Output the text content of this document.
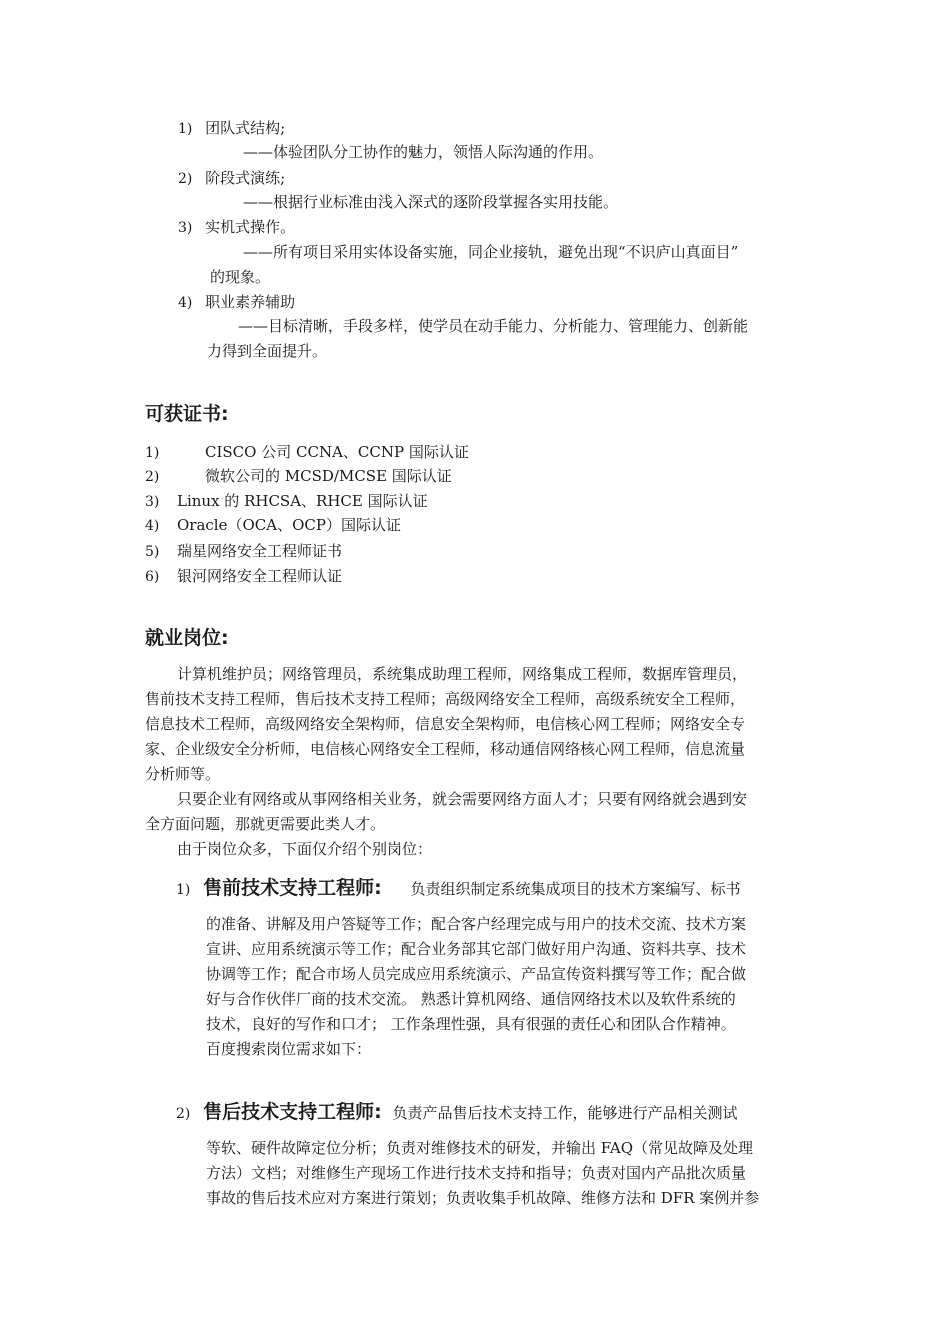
1) 团队式结构;
——体验团队分工协作的魅力，领悟人际沟通的作用。
2) 阶段式演练;
——根据行业标准由浅入深式的逐阶段掌握各实用技能。
3) 实机式操作。
——所有项目采用实体设备实施，同企业接轨，避免出现“不识庐山真面目”
的现象。
4) 职业素养辅助
——目标清晰，手段多样，使学员在动手能力、分析能力、管理能力、创新能
力得到全面提升。
可获证书:
1)	CISCO 公司 CCNA、CCNP 国际认证
2)	微软公司的 MCSD/MCSE 国际认证
3) Linux 的 RHCSA、RHCE 国际认证
4) Oracle（OCA、OCP）国际认证
5) 瑞星网络安全工程师证书
6) 银河网络安全工程师认证
就业岗位:
计算机维护员；网络管理员，系统集成助理工程师，网络集成工程师，数据库管理员，
售前技术支持工程师，售后技术支持工程师；高级网络安全工程师，高级系统安全工程师，
信息技术工程师，高级网络安全架构师，信息安全架构师，电信核心网工程师；网络安全专
家、企业级安全分析师，电信核心网络安全工程师，移动通信网络核心网工程师，信息流量
分析师等。
只要企业有网络或从事网络相关业务，就会需要网络方面人才；只要有网络就会遇到安
全方面问题，那就更需要此类人才。
由于岗位众多，下面仅介绍个别岗位：
1) 售前技术支持工程师: 负责组织制定系统集成项目的技术方案编写、标书
的准备、讲解及用户答疑等工作；配合客户经理完成与用户的技术交流、技术方案
宣讲、应用系统演示等工作；配合业务部其它部门做好用户沟通、资料共享、技术
协调等工作；配合市场人员完成应用系统演示、产品宣传资料撰写等工作；配合做
好与合作伙伴厂商的技术交流。 熟悉计算机网络、通信网络技术以及软件系统的
技术，良好的写作和口才； 工作条理性强，具有很强的责任心和团队合作精神。
百度搜索岗位需求如下：
2) 售后技术支持工程师: 负责产品售后技术支持工作，能够进行产品相关测试
等软、硬件故障定位分析；负责对维修技术的研发，并输出 FAQ（常见故障及处理
方法）文档；对维修生产现场工作进行技术支持和指导；负责对国内产品批次质量
事故的售后技术应对方案进行策划；负责收集手机故障、维修方法和 DFR 案例并参
